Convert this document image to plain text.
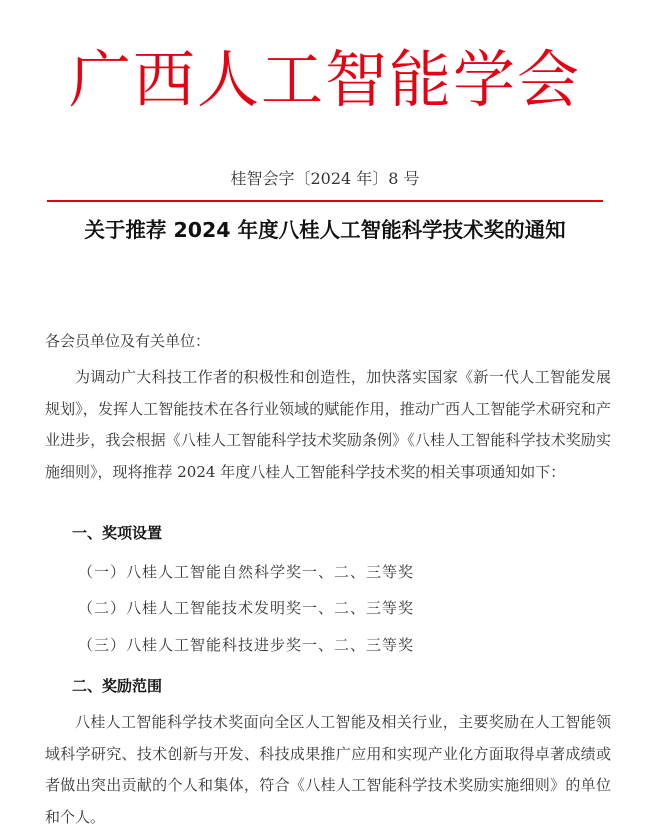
广西人工智能学会
桂智会字〔2024 年〕8 号
关于推荐 2024 年度八桂人工智能科学技术奖的通知
各会员单位及有关单位：
为调动广大科技工作者的积极性和创造性，加快落实国家《新一代人工智能发展规划》，发挥人工智能技术在各行业领域的赋能作用，推动广西人工智能学术研究和产业进步，我会根据《八桂人工智能科学技术奖励条例》《八桂人工智能科学技术奖励实施细则》，现将推荐 2024 年度八桂人工智能科学技术奖的相关事项通知如下：
一、奖项设置
（一）八桂人工智能自然科学奖一、二、三等奖
（二）八桂人工智能技术发明奖一、二、三等奖
（三）八桂人工智能科技进步奖一、二、三等奖
二、奖励范围
八桂人工智能科学技术奖面向全区人工智能及相关行业，主要奖励在人工智能领域科学研究、技术创新与开发、科技成果推广应用和实现产业化方面取得卓著成绩或者做出突出贡献的个人和集体，符合《八桂人工智能科学技术奖励实施细则》的单位和个人。
